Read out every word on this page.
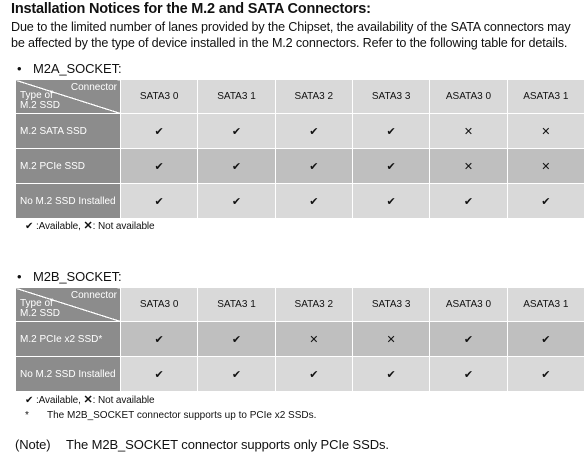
Installation Notices for the M.2 and SATA Connectors:
Due to the limited number of lanes provided by the Chipset, the availability of the SATA connectors may be affected by the type of device installed in the M.2 connectors. Refer to the following table for details.
• M2A_SOCKET:
Connector
Type of
M.2 SSD	SATA3 0	SATA3 1	SATA3 2	SATA3 3	ASATA3 0	ASATA3 1
M.2 SATA SSD	✔	✔	✔	✔	✕	✕
M.2 PCIe SSD	✔	✔	✔	✔	✕	✕
No M.2 SSD Installed	✔	✔	✔	✔	✔	✔
✔ :Available, ✕: Not available
• M2B_SOCKET:
Connector
Type of
M.2 SSD	SATA3 0	SATA3 1	SATA3 2	SATA3 3	ASATA3 0	ASATA3 1
M.2 PCIe x2 SSD*	✔	✔	✕	✕	✔	✔
No M.2 SSD Installed	✔	✔	✔	✔	✔	✔
✔ :Available, ✕: Not available
* The M2B_SOCKET connector supports up to PCIe x2 SSDs.
(Note) The M2B_SOCKET connector supports only PCIe SSDs.
